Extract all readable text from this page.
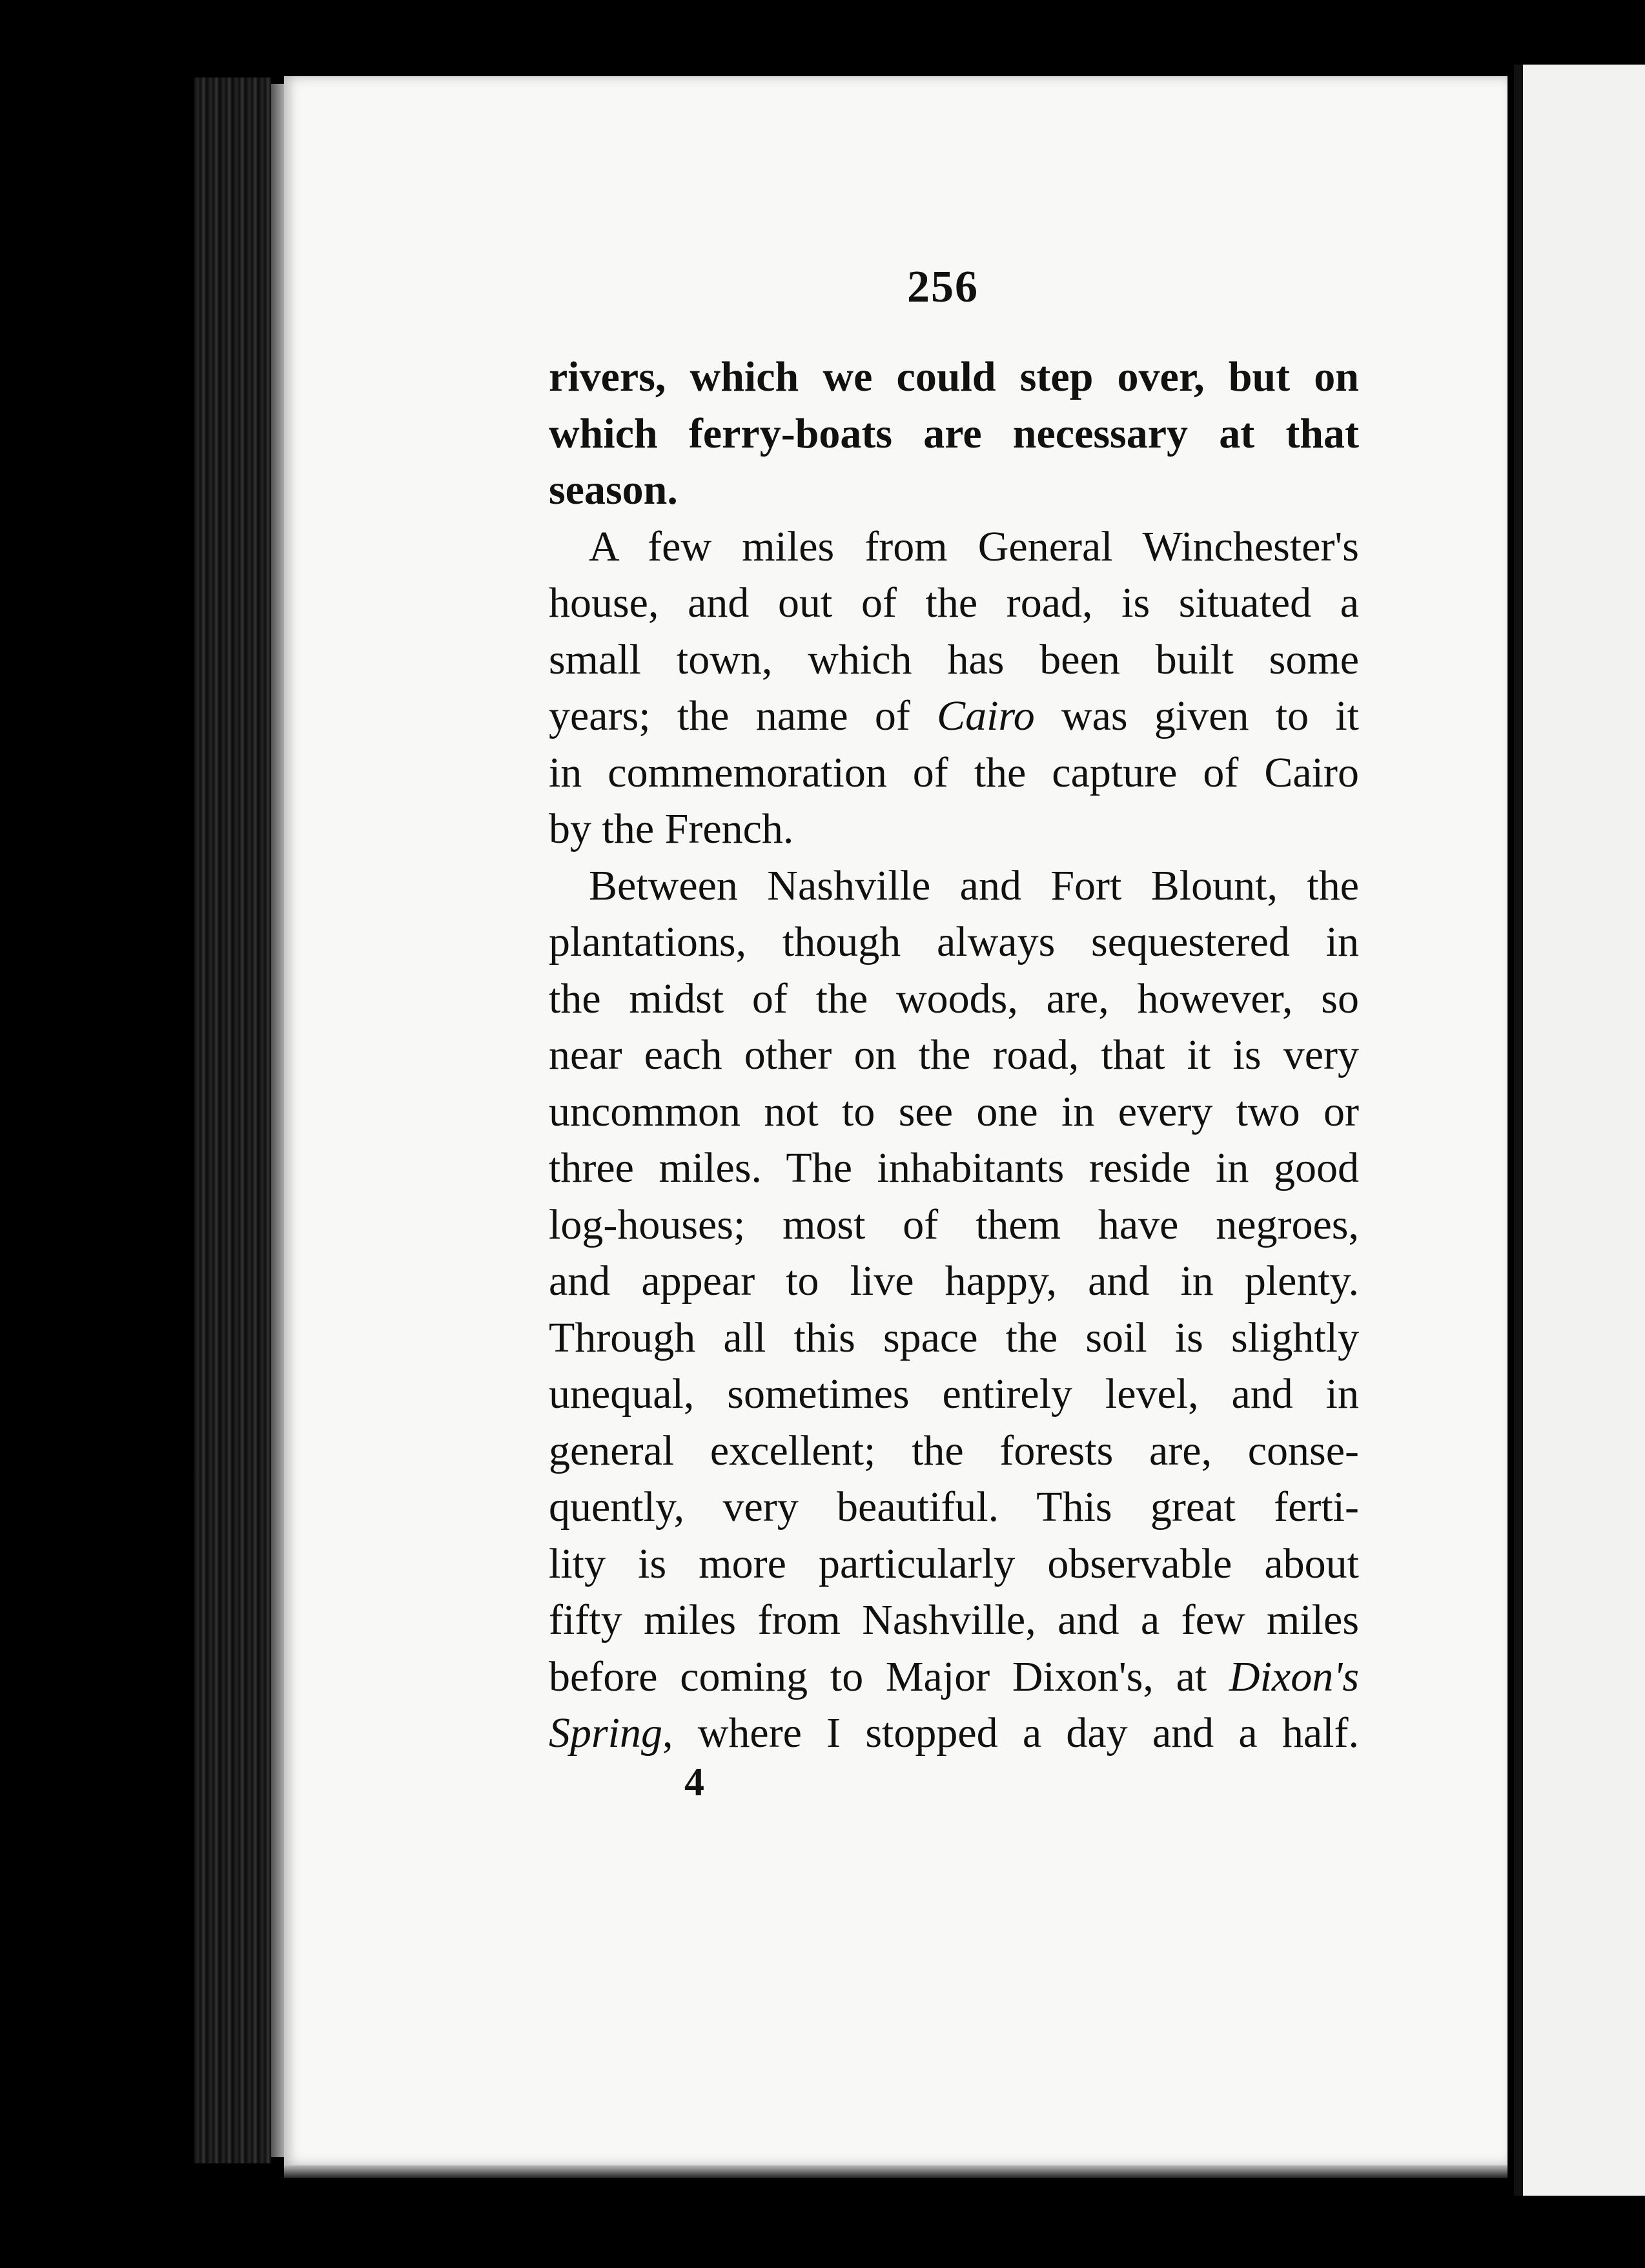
256

rivers, which we could step over, but on
which ferry-boats are necessary at that
season.

A few miles from General Winchester's
house, and out of the road, is situated a
small town, which has been built some
years; the name of Cairo was given to it
in commemoration of the capture of Cairo
by the French.

Between Nashville and Fort Blount, the
plantations, though always sequestered in
the midst of the woods, are, however, so
near each other on the road, that it is very
uncommon not to see one in every two or
three miles. The inhabitants reside in good
log-houses; most of them have negroes,
and appear to live happy, and in plenty.
Through all this space the soil is slightly
unequal, sometimes entirely level, and in
general excellent; the forests are, conse-
quently, very beautiful. This great ferti-
lity is more particularly observable about
fifty miles from Nashville, and a few miles
before coming to Major Dixon's, at Dixon's
Spring, where I stopped a day and a half.

4
